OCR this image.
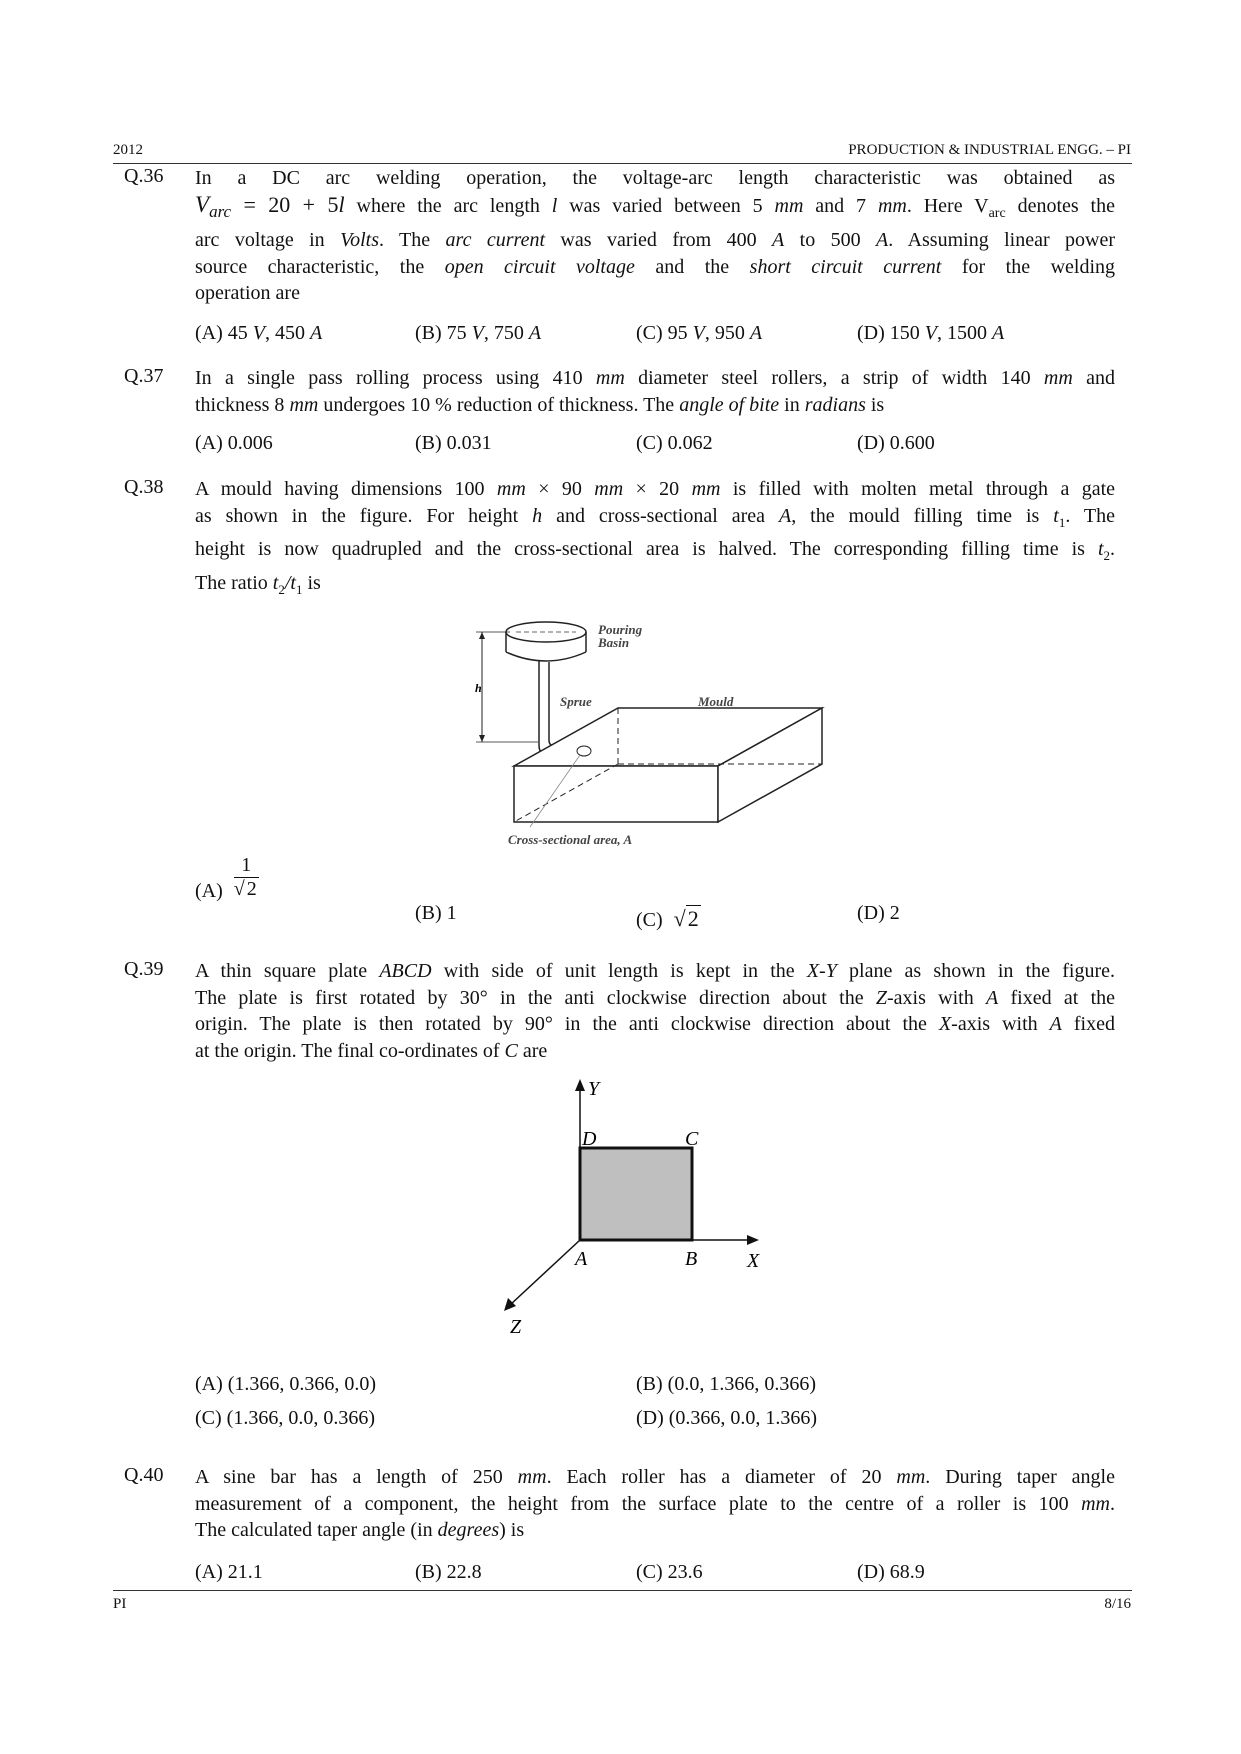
2012	PRODUCTION & INDUSTRIAL ENGG. – PI
Q.36 In a DC arc welding operation, the voltage-arc length characteristic was obtained as
$V_{arc} = 20 + 5l$ where the arc length l was varied between 5 mm and 7 mm. Here $V_{arc}$ denotes the
arc voltage in Volts. The arc current was varied from 400 A to 500 A. Assuming linear power
source characteristic, the open circuit voltage and the short circuit current for the welding
operation are
(A) 45 V, 450 A	(B) 75 V, 750 A	(C) 95 V, 950 A	(D) 150 V, 1500 A
Q.37 In a single pass rolling process using 410 mm diameter steel rollers, a strip of width 140 mm and
thickness 8 mm undergoes 10 % reduction of thickness. The angle of bite in radians is
(A) 0.006	(B) 0.031	(C) 0.062	(D) 0.600
Q.38 A mould having dimensions 100 mm × 90 mm × 20 mm is filled with molten metal through a gate
as shown in the figure. For height h and cross-sectional area A, the mould filling time is $t_1$. The
height is now quadrupled and the cross-sectional area is halved. The corresponding filling time is $t_2$.
The ratio $t_2/t_1$ is
h
Pouring
Basin
Sprue	Mould
Cross-sectional area, A
$(A) \frac{1}{√ 2}$
(B) 1	(C) √2	(D) 2
Q.39 A thin square plate ABCD with side of unit length is kept in the X-Y plane as shown in the figure.
The plate is first rotated by 30° in the anti clockwise direction about the Z-axis with A fixed at the
origin. The plate is then rotated by 90° in the anti clockwise direction about the X-axis with A fixed
at the origin. The final co-ordinates of C are
Y
X
Z
D	C
A	B
(A) (1.366, 0.366, 0.0)	(B) (0.0, 1.366, 0.366)
(C) (1.366, 0.0, 0.366)	(D) (0.366, 0.0, 1.366)
Q.40 A sine bar has a length of 250 mm. Each roller has a diameter of 20 mm. During taper angle
measurement of a component, the height from the surface plate to the centre of a roller is 100 mm.
The calculated taper angle (in degrees) is
(A) 21.1	(B) 22.8	(C) 23.6	(D) 68.9
PI	8/16
